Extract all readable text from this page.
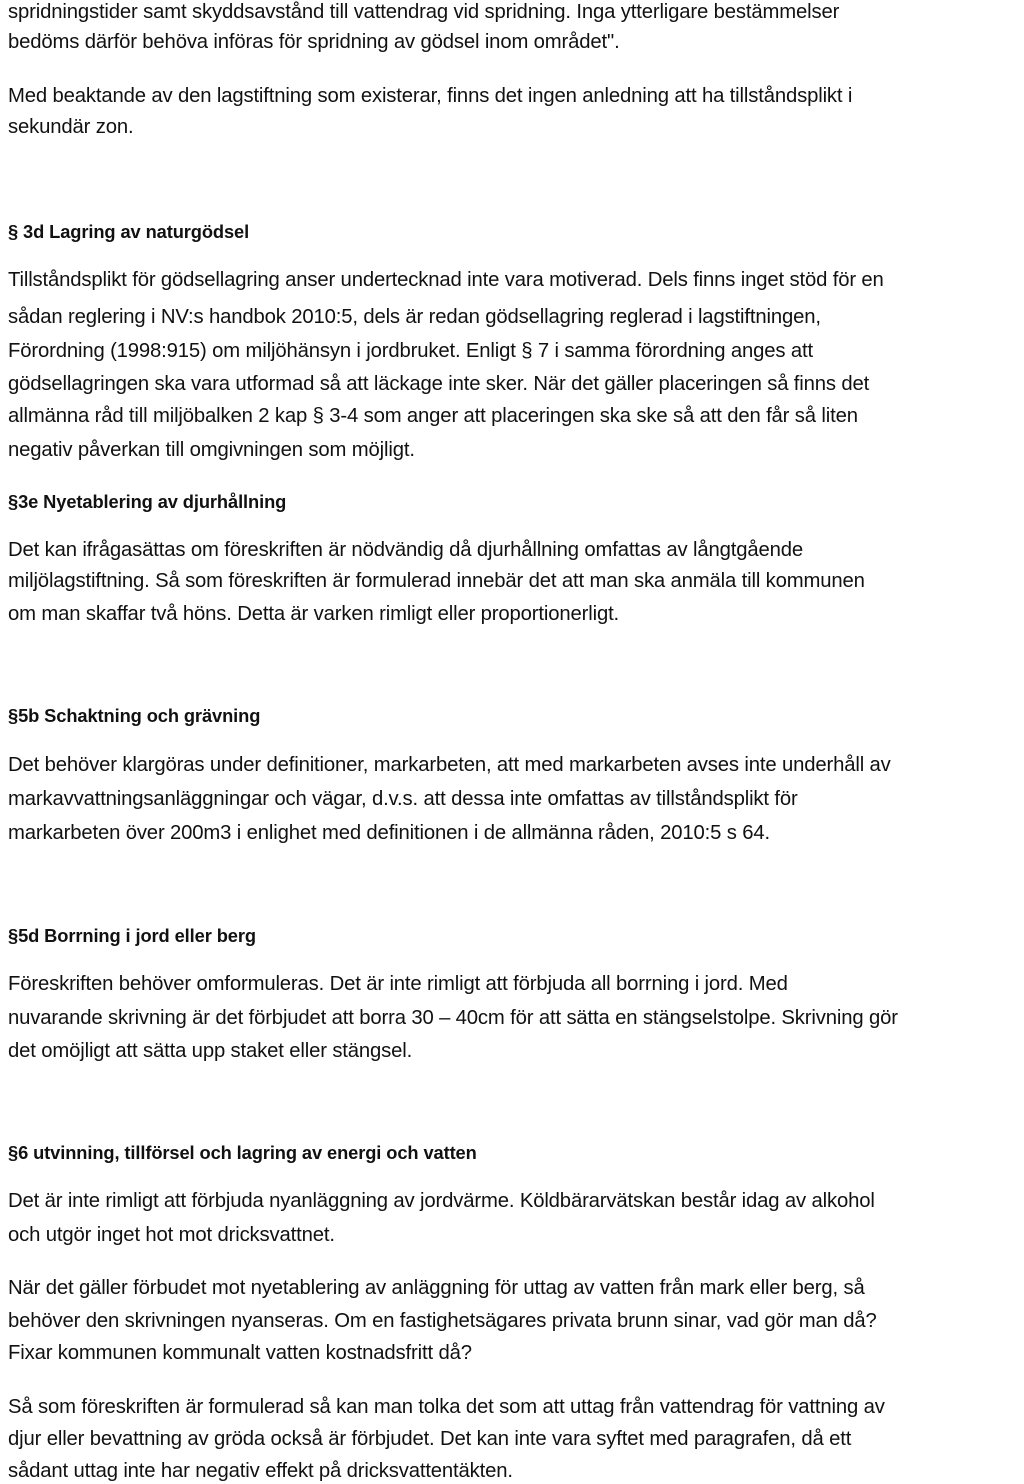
spridningstider samt skyddsavstånd till vattendrag vid spridning. Inga ytterligare bestämmelser
bedöms därför behöva införas för spridning av gödsel inom området".
Med beaktande av den lagstiftning som existerar, finns det ingen anledning att ha tillståndsplikt i
sekundär zon.
§ 3d Lagring av naturgödsel
Tillståndsplikt för gödsellagring anser undertecknad inte vara motiverad. Dels finns inget stöd för en
sådan reglering i NV:s handbok 2010:5, dels är redan gödsellagring reglerad i lagstiftningen,
Förordning (1998:915) om miljöhänsyn i jordbruket. Enligt § 7 i samma förordning anges att
gödsellagringen ska vara utformad så att läckage inte sker. När det gäller placeringen så finns det
allmänna råd till miljöbalken 2 kap § 3-4 som anger att placeringen ska ske så att den får så liten
negativ påverkan till omgivningen som möjligt.
§3e Nyetablering av djurhållning
Det kan ifrågasättas om föreskriften är nödvändig då djurhållning omfattas av långtgående
miljölagstiftning. Så som föreskriften är formulerad innebär det att man ska anmäla till kommunen
om man skaffar två höns. Detta är varken rimligt eller proportionerligt.
§5b Schaktning och grävning
Det behöver klargöras under definitioner, markarbeten, att med markarbeten avses inte underhåll av
markavvattningsanläggningar och vägar, d.v.s. att dessa inte omfattas av tillståndsplikt för
markarbeten över 200m3 i enlighet med definitionen i de allmänna råden, 2010:5 s 64.
§5d Borrning i jord eller berg
Föreskriften behöver omformuleras. Det är inte rimligt att förbjuda all borrning i jord. Med
nuvarande skrivning är det förbjudet att borra 30 – 40cm för att sätta en stängselstolpe. Skrivning gör
det omöjligt att sätta upp staket eller stängsel.
§6 utvinning, tillförsel och lagring av energi och vatten
Det är inte rimligt att förbjuda nyanläggning av jordvärme. Köldbärarvätskan består idag av alkohol
och utgör inget hot mot dricksvattnet.
När det gäller förbudet mot nyetablering av anläggning för uttag av vatten från mark eller berg, så
behöver den skrivningen nyanseras. Om en fastighetsägares privata brunn sinar, vad gör man då?
Fixar kommunen kommunalt vatten kostnadsfritt då?
Så som föreskriften är formulerad så kan man tolka det som att uttag från vattendrag för vattning av
djur eller bevattning av gröda också är förbjudet. Det kan inte vara syftet med paragrafen, då ett
sådant uttag inte har negativ effekt på dricksvattentäkten.
